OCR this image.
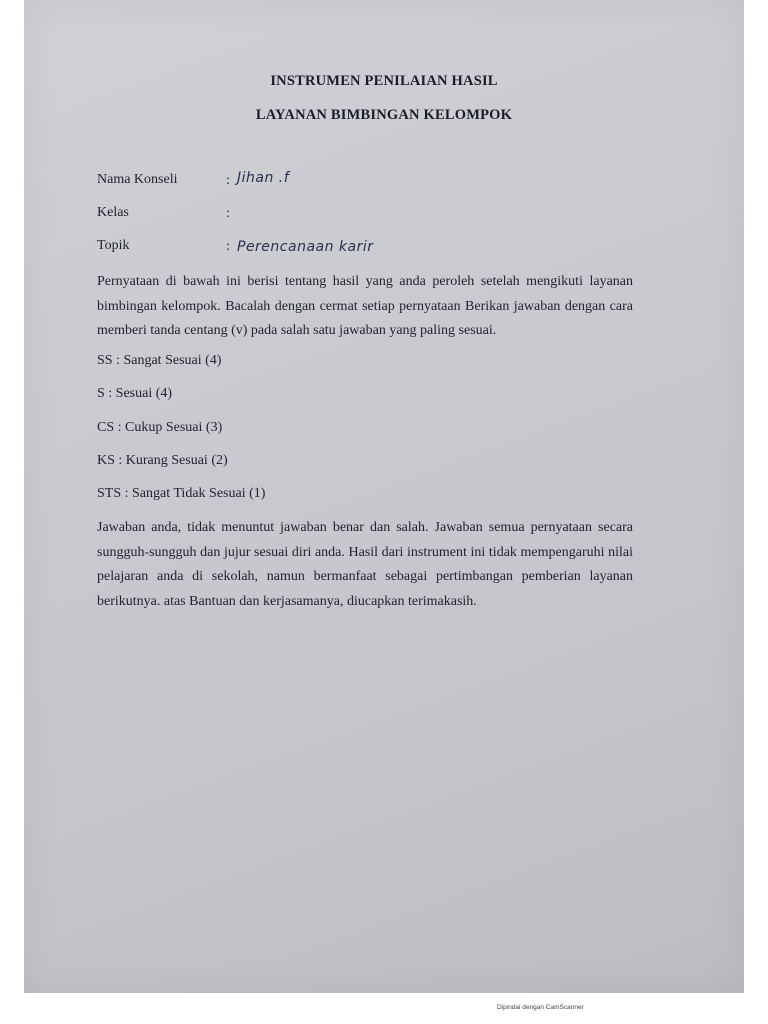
INSTRUMEN PENILAIAN HASIL
LAYANAN BIMBINGAN KELOMPOK
Nama Konseli	: Jihan .f
Kelas	:
Topik	: Perencanaan karir

Pernyataan di bawah ini berisi tentang hasil yang anda peroleh setelah mengikuti layanan bimbingan kelompok. Bacalah dengan cermat setiap pernyataan Berikan jawaban dengan cara memberi tanda centang (v) pada salah satu jawaban yang paling sesuai.

SS : Sangat Sesuai (4)
S : Sesuai (4)
CS : Cukup Sesuai (3)
KS : Kurang Sesuai (2)
STS : Sangat Tidak Sesuai (1)

Jawaban anda, tidak menuntut jawaban benar dan salah. Jawaban semua pernyataan secara sungguh-sungguh dan jujur sesuai diri anda. Hasil dari instrument ini tidak mempengaruhi nilai pelajaran anda di sekolah, namun bermanfaat sebagai pertimbangan pemberian layanan berikutnya. atas Bantuan dan kerjasamanya, diucapkan terimakasih.

Dipindai dengan CamScanner
